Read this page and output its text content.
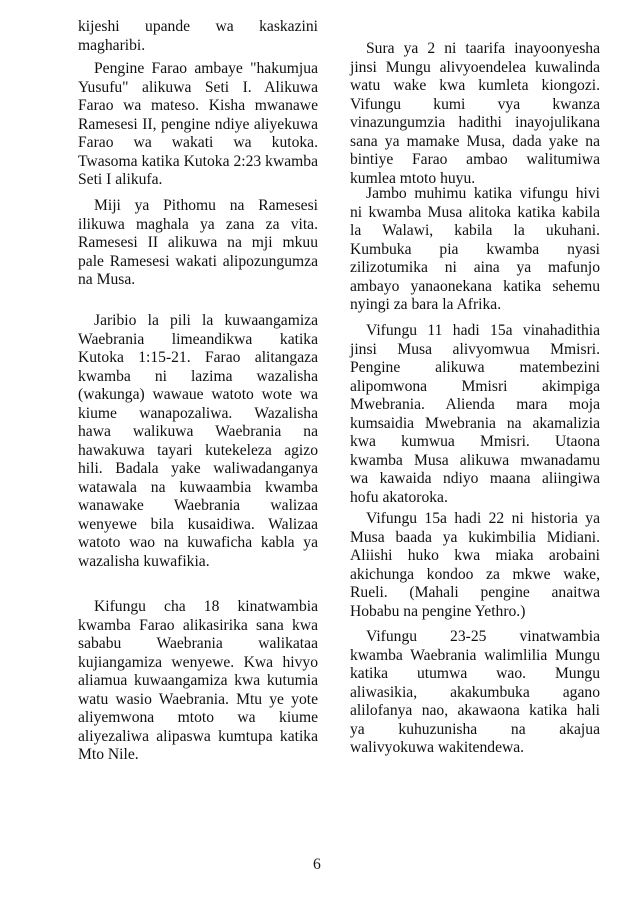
kijeshi upande wa kaskazini
magharibi.
Pengine Farao ambaye "hakumjua
Yusufu" alikuwa Seti I. Alikuwa
Farao wa mateso. Kisha mwanawe
Ramesesi II, pengine ndiye aliyekuwa
Farao wa wakati wa kutoka.
Twasoma katika Kutoka 2:23 kwamba
Seti I alikufa.
Miji ya Pithomu na Ramesesi
ilikuwa maghala ya zana za vita.
Ramesesi II alikuwa na mji mkuu
pale Ramesesi wakati alipozungumza
na Musa.
Jaribio la pili la kuwaangamiza
Waebrania limeandikwa katika
Kutoka 1:15-21. Farao alitangaza
kwamba ni lazima wazalisha
(wakunga) wawaue watoto wote wa
kiume wanapozaliwa. Wazalisha
hawa walikuwa Waebrania na
hawakuwa tayari kutekeleza agizo
hili. Badala yake waliwadanganya
watawala na kuwaambia kwamba
wanawake Waebrania walizaa
wenyewe bila kusaidiwa. Walizaa
watoto wao na kuwaficha kabla ya
wazalisha kuwafikia.
Kifungu cha 18 kinatwambia
kwamba Farao alikasirika sana kwa
sababu Waebrania walikataa
kujiangamiza wenyewe. Kwa hivyo
aliamua kuwaangamiza kwa kutumia
watu wasio Waebrania. Mtu ye yote
aliyemwona mtoto wa kiume
aliyezaliwa alipaswa kumtupa katika
Mto Nile.
Sura ya 2 ni taarifa inayoonyesha
jinsi Mungu alivyoendelea kuwalinda
watu wake kwa kumleta kiongozi.
Vifungu kumi vya kwanza
vinazungumzia hadithi inayojulikana
sana ya mamake Musa, dada yake na
bintiye Farao ambao walitumiwa
kumlea mtoto huyu.
Jambo muhimu katika vifungu hivi
ni kwamba Musa alitoka katika kabila
la Walawi, kabila la ukuhani.
Kumbuka pia kwamba nyasi
zilizotumika ni aina ya mafunjo
ambayo yanaonekana katika sehemu
nyingi za bara la Afrika.
Vifungu 11 hadi 15a vinahadithia
jinsi Musa alivyomwua Mmisri.
Pengine alikuwa matembezini
alipomwona Mmisri akimpiga
Mwebrania. Alienda mara moja
kumsaidia Mwebrania na akamalizia
kwa kumwua Mmisri. Utaona
kwamba Musa alikuwa mwanadamu
wa kawaida ndiyo maana aliingiwa
hofu akatoroka.
Vifungu 15a hadi 22 ni historia ya
Musa baada ya kukimbilia Midiani.
Aliishi huko kwa miaka arobaini
akichunga kondoo za mkwe wake,
Rueli. (Mahali pengine anaitwa
Hobabu na pengine Yethro.)
Vifungu 23-25 vinatwambia
kwamba Waebrania walimlilia Mungu
katika utumwa wao. Mungu
aliwasikia, akakumbuka agano
alilofanya nao, akawaona katika hali
ya kuhuzunisha na akajua
walivyokuwa wakitendewa.
6
